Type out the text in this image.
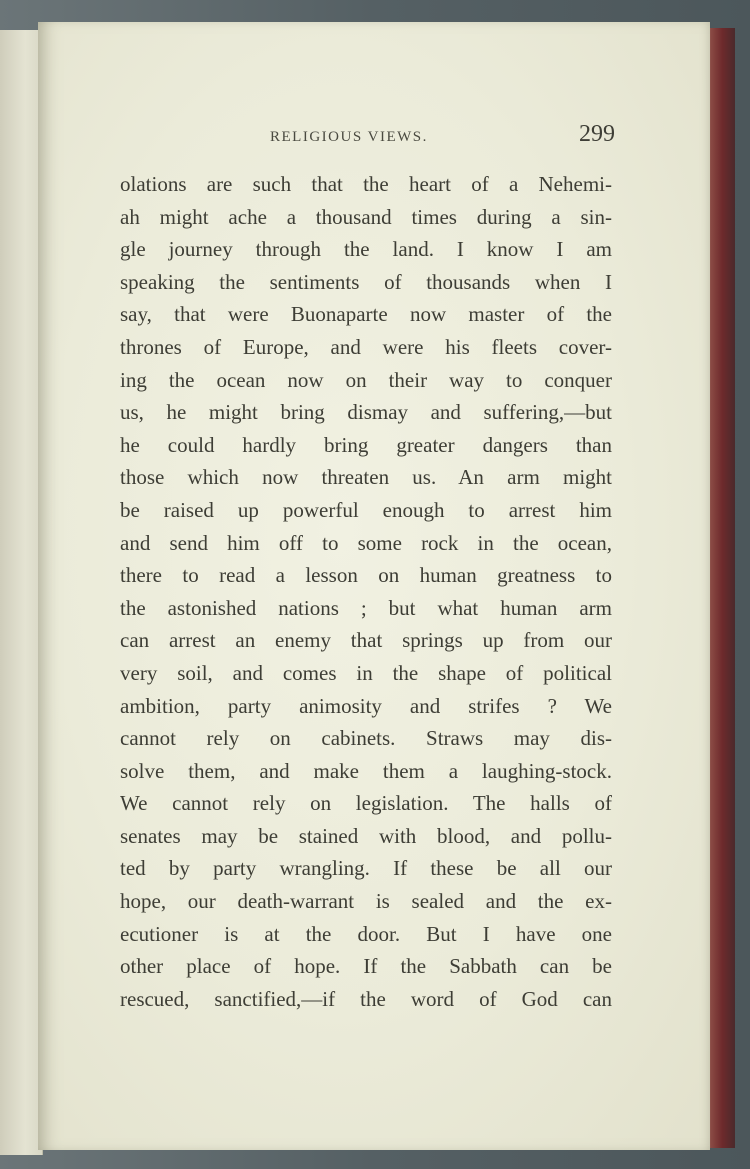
RELIGIOUS VIEWS.	299
olations are such that the heart of a Nehemi-
ah might ache a thousand times during a sin-
gle journey through the land. I know I am
speaking the sentiments of thousands when I
say, that were Buonaparte now master of the
thrones of Europe, and were his fleets cover-
ing the ocean now on their way to conquer
us, he might bring dismay and suffering,—but
he could hardly bring greater dangers than
those which now threaten us. An arm might
be raised up powerful enough to arrest him
and send him off to some rock in the ocean,
there to read a lesson on human greatness to
the astonished nations ; but what human arm
can arrest an enemy that springs up from our
very soil, and comes in the shape of political
ambition, party animosity and strifes ? We
cannot rely on cabinets. Straws may dis-
solve them, and make them a laughing-stock.
We cannot rely on legislation. The halls of
senates may be stained with blood, and pollu-
ted by party wrangling. If these be all our
hope, our death-warrant is sealed and the ex-
ecutioner is at the door. But I have one
other place of hope. If the Sabbath can be
rescued, sanctified,—if the word of God can
